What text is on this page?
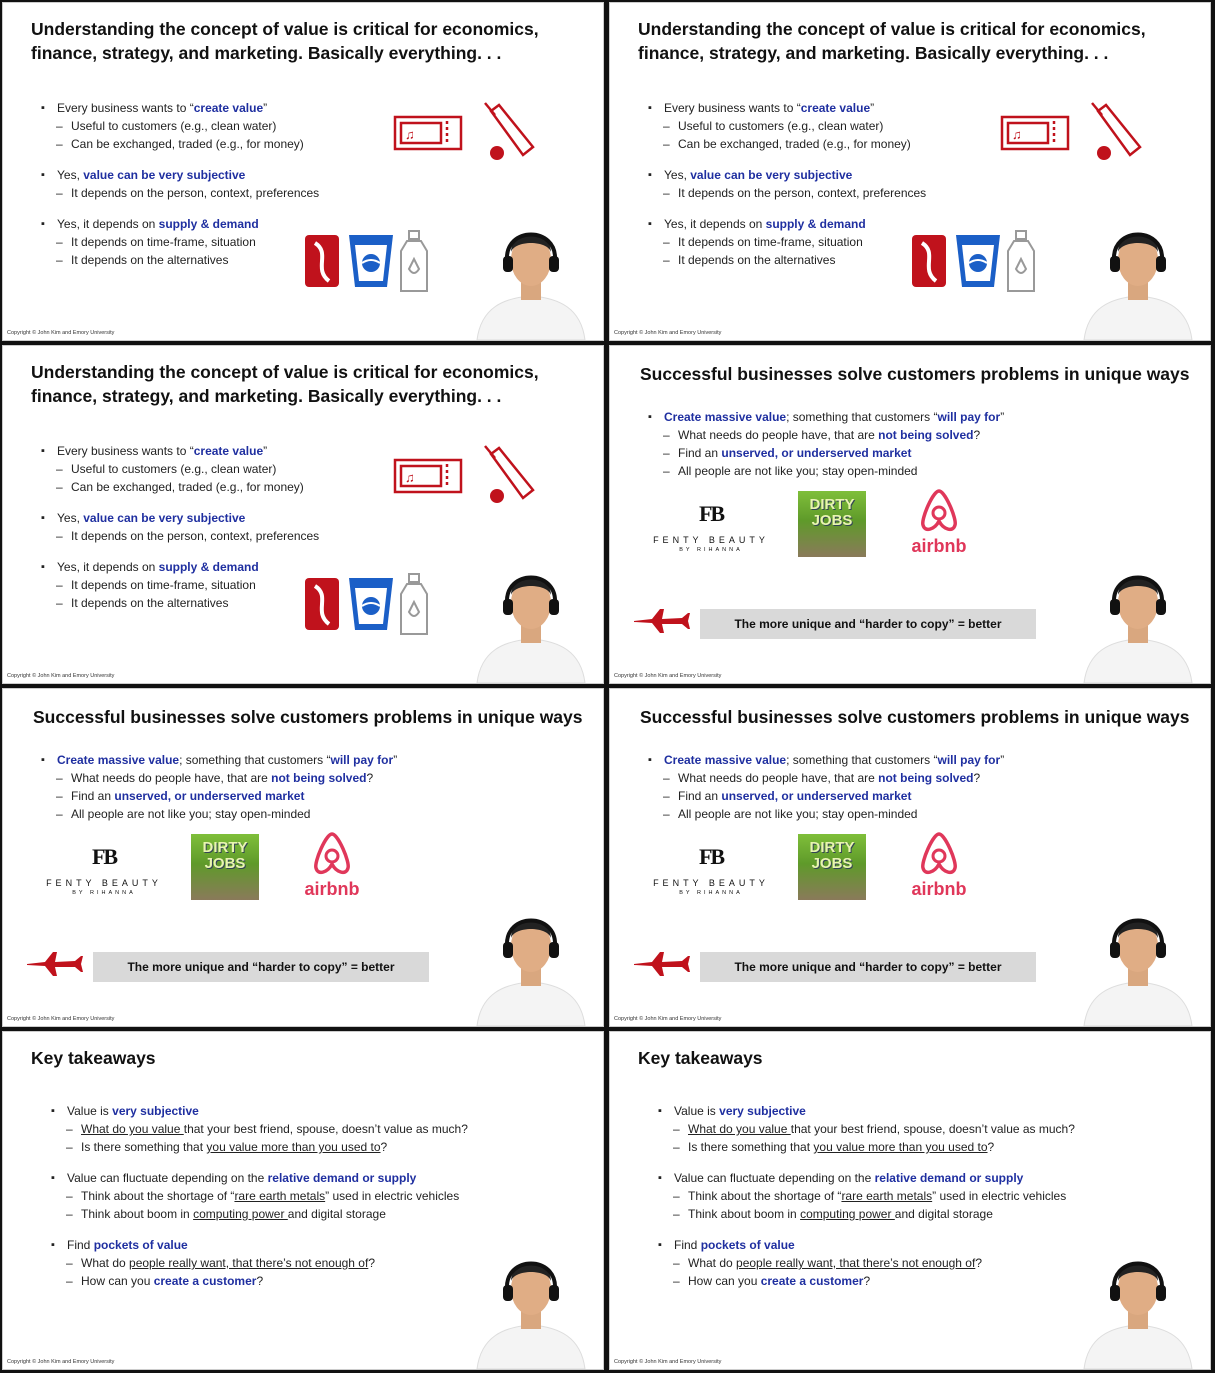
Understanding the concept of value is critical for economics, finance, strategy, and marketing. Basically everything. . .
▪ Every business wants to “create value”
– Useful to customers (e.g., clean water)
– Can be exchanged, traded (e.g., for money)
▪ Yes, value can be very subjective
– It depends on the person, context, preferences
▪ Yes, it depends on supply & demand
– It depends on time-frame, situation
– It depends on the alternatives
♫
Copyright © John Kim and Emory University
Understanding the concept of value is critical for economics, finance, strategy, and marketing. Basically everything. . .
▪ Every business wants to “create value”
– Useful to customers (e.g., clean water)
– Can be exchanged, traded (e.g., for money)
▪ Yes, value can be very subjective
– It depends on the person, context, preferences
▪ Yes, it depends on supply & demand
– It depends on time-frame, situation
– It depends on the alternatives
♫
Copyright © John Kim and Emory University
Understanding the concept of value is critical for economics, finance, strategy, and marketing. Basically everything. . .
▪ Every business wants to “create value”
– Useful to customers (e.g., clean water)
– Can be exchanged, traded (e.g., for money)
▪ Yes, value can be very subjective
– It depends on the person, context, preferences
▪ Yes, it depends on supply & demand
– It depends on time-frame, situation
– It depends on the alternatives
♫
Copyright © John Kim and Emory University
Successful businesses solve customers problems in unique ways
▪ Create massive value; something that customers “will pay for”
– What needs do people have, that are not being solved?
– Find an unserved, or underserved market
– All people are not like you; stay open-minded
FB
FENTY BEAUTY
BY RIHANNA
DIRTY JOBS
airbnb
The more unique and “harder to copy” = better
Copyright © John Kim and Emory University
Successful businesses solve customers problems in unique ways
▪ Create massive value; something that customers “will pay for”
– What needs do people have, that are not being solved?
– Find an unserved, or underserved market
– All people are not like you; stay open-minded
FB
FENTY BEAUTY
BY RIHANNA
DIRTY JOBS
airbnb
The more unique and “harder to copy” = better
Copyright © John Kim and Emory University
Successful businesses solve customers problems in unique ways
▪ Create massive value; something that customers “will pay for”
– What needs do people have, that are not being solved?
– Find an unserved, or underserved market
– All people are not like you; stay open-minded
FB
FENTY BEAUTY
BY RIHANNA
DIRTY JOBS
airbnb
The more unique and “harder to copy” = better
Copyright © John Kim and Emory University
Key takeaways
▪ Value is very subjective
– What do you value that your best friend, spouse, doesn’t value as much?
– Is there something that you value more than you used to?
▪ Value can fluctuate depending on the relative demand or supply
– Think about the shortage of “rare earth metals” used in electric vehicles
– Think about boom in computing power and digital storage
▪ Find pockets of value
– What do people really want, that there’s not enough of?
– How can you create a customer?
Copyright © John Kim and Emory University
Key takeaways
▪ Value is very subjective
– What do you value that your best friend, spouse, doesn’t value as much?
– Is there something that you value more than you used to?
▪ Value can fluctuate depending on the relative demand or supply
– Think about the shortage of “rare earth metals” used in electric vehicles
– Think about boom in computing power and digital storage
▪ Find pockets of value
– What do people really want, that there’s not enough of?
– How can you create a customer?
Copyright © John Kim and Emory University
